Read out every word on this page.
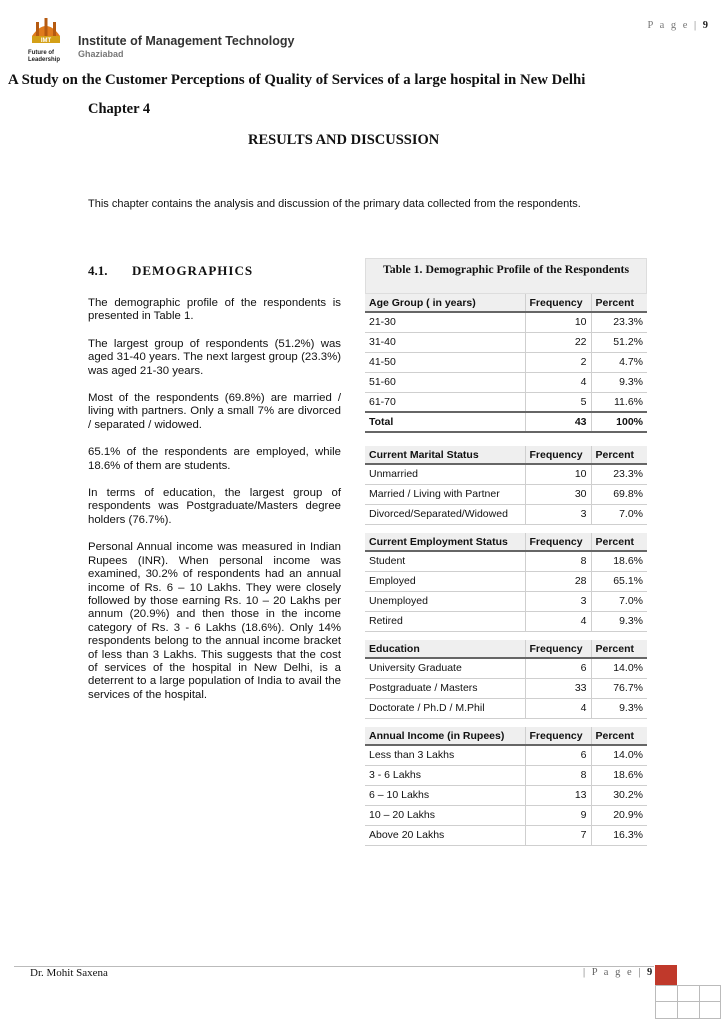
P a g e | 9
IMT
Future of Leadership
Institute of Management Technology
Ghaziabad
A Study on the Customer Perceptions of Quality of Services of a large hospital in New Delhi
Chapter 4
RESULTS AND DISCUSSION
This chapter contains the analysis and discussion of the primary data collected from the respondents.
4.1. DEMOGRAPHICS

The demographic profile of the respondents is presented in Table 1.

The largest group of respondents (51.2%) was aged 31-40 years. The next largest group (23.3%) was aged 21-30 years.

Most of the respondents (69.8%) are married / living with partners. Only a small 7% are divorced / separated / widowed.

65.1% of the respondents are employed, while 18.6% of them are students.

In terms of education, the largest group of respondents was Postgraduate/Masters degree holders (76.7%).

Personal Annual income was measured in Indian Rupees (INR). When personal income was examined, 30.2% of respondents had an annual income of Rs. 6 – 10 Lakhs. They were closely followed by those earning Rs. 10 – 20 Lakhs per annum (20.9%) and then those in the income category of Rs. 3 - 6 Lakhs (18.6%). Only 14% respondents belong to the annual income bracket of less than 3 Lakhs. This suggests that the cost of services of the hospital in New Delhi, is a deterrent to a large population of India to avail the services of the hospital.

Table 1. Demographic Profile of the Respondents
Age Group ( in years)	Frequency	Percent
21-30	10	23.3%
31-40	22	51.2%
41-50	2	4.7%
51-60	4	9.3%
61-70	5	11.6%
Total	43	100%
Current Marital Status	Frequency	Percent
Unmarried	10	23.3%
Married / Living with Partner	30	69.8%
Divorced/Separated/Widowed	3	7.0%
Current Employment Status	Frequency	Percent
Student	8	18.6%
Employed	28	65.1%
Unemployed	3	7.0%
Retired	4	9.3%
Education	Frequency	Percent
University Graduate	6	14.0%
Postgraduate / Masters	33	76.7%
Doctorate / Ph.D / M.Phil	4	9.3%
Annual Income (in Rupees)	Frequency	Percent
Less than 3 Lakhs	6	14.0%
3 - 6 Lakhs	8	18.6%
6 – 10 Lakhs	13	30.2%
10 – 20 Lakhs	9	20.9%
Above 20 Lakhs	7	16.3%
Dr. Mohit Saxena	| P a g e | 9
